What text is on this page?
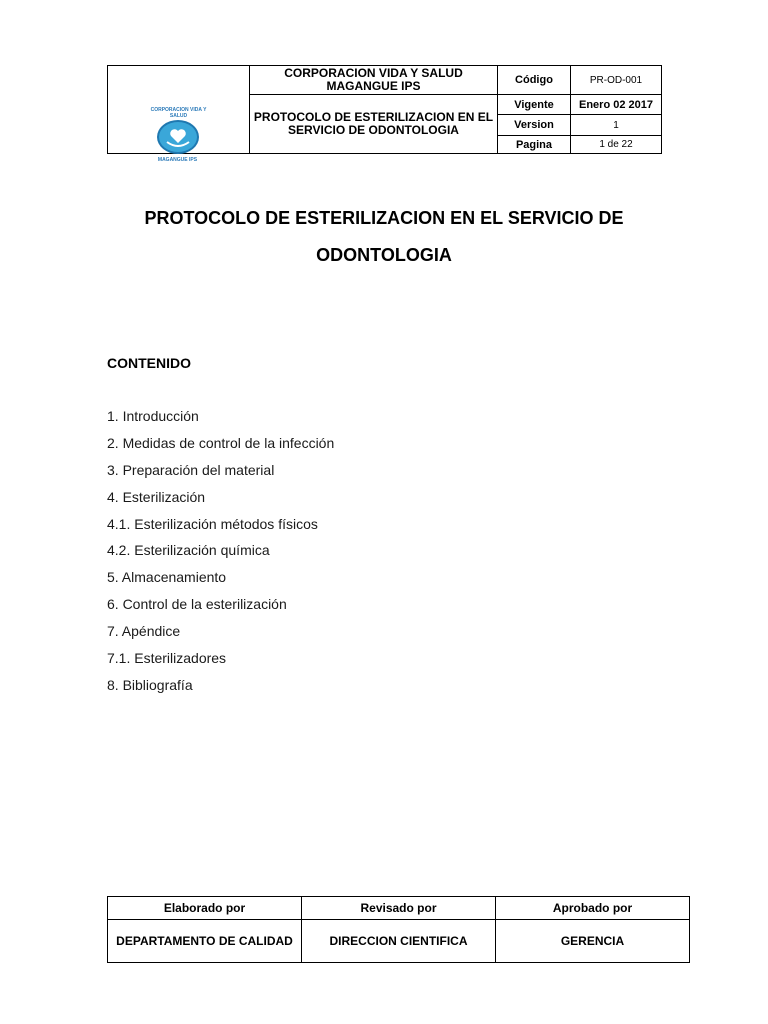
CORPORACION VIDA Y SALUD	CORPORACION VIDA Y SALUD MAGANGUE IPS	Código	PR-OD-001
	PROTOCOLO DE ESTERILIZACION EN EL SERVICIO DE ODONTOLOGIA	Vigente	Enero 02 2017
		Version	1
		Pagina	1 de 22
MAGANGUE IPS
PROTOCOLO DE ESTERILIZACION EN EL SERVICIO DE
ODONTOLOGIA
CONTENIDO
1. Introducción
2. Medidas de control de la infección
3. Preparación del material
4. Esterilización
4.1. Esterilización métodos físicos
4.2. Esterilización química
5. Almacenamiento
6. Control de la esterilización
7. Apéndice
7.1. Esterilizadores
8. Bibliografía
Elaborado por	Revisado por	Aprobado por
DEPARTAMENTO DE CALIDAD	DIRECCION CIENTIFICA	GERENCIA
